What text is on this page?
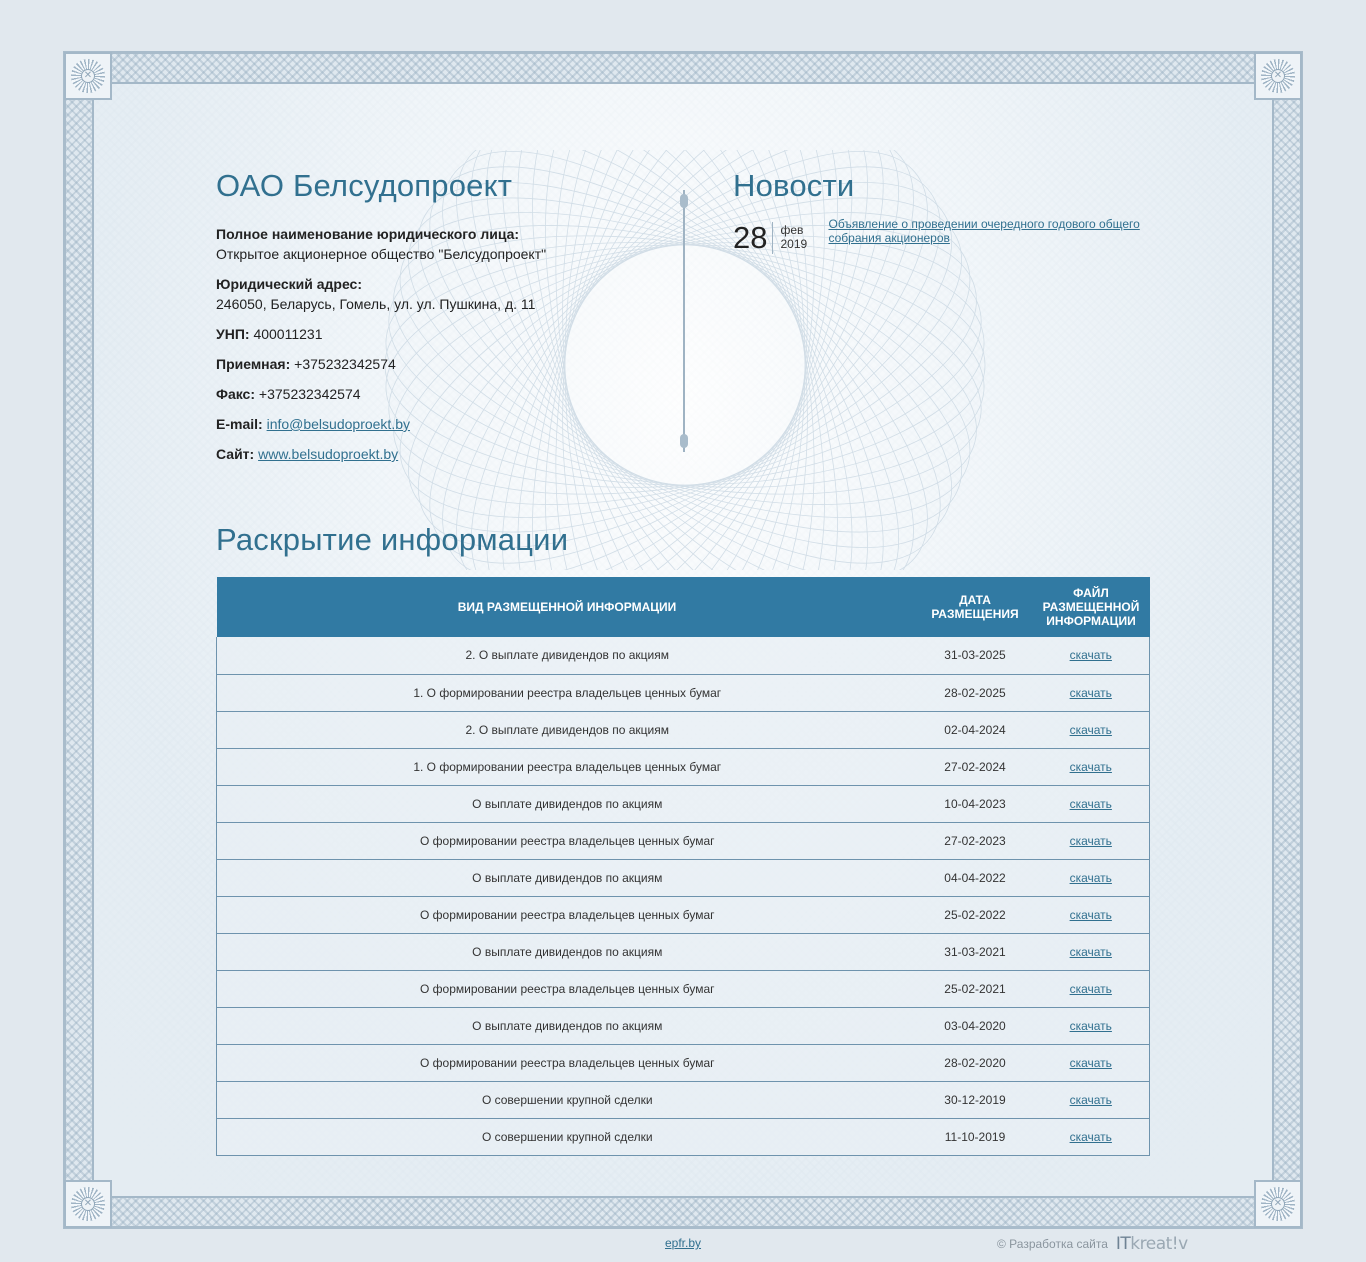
✕	✕
✕	✕
ОАО Белсудопроект
Полное наименование юридического лица:
Открытое акционерное общество "Белсудопроект"
Юридический адрес:
246050, Беларусь, Гомель, ул. ул. Пушкина, д. 11
УНП: 400011231
Приемная: +375232342574
Факс: +375232342574
E-mail: info@belsudoproekt.by
Сайт: www.belsudoproekt.by
Новости
28	фев
2019
Объявление о проведении очередного годового общего собрания акционеров
Раскрытие информации
ВИД РАЗМЕЩЕННОЙ ИНФОРМАЦИИ	ДАТА РАЗМЕЩЕНИЯ	ФАЙЛ РАЗМЕЩЕННОЙ ИНФОРМАЦИИ
2. О выплате дивидендов по акциям	31-03-2025	скачать
1. О формировании реестра владельцев ценных бумаг	28-02-2025	скачать
2. О выплате дивидендов по акциям	02-04-2024	скачать
1. О формировании реестра владельцев ценных бумаг	27-02-2024	скачать
О выплате дивидендов по акциям	10-04-2023	скачать
О формировании реестра владельцев ценных бумаг	27-02-2023	скачать
О выплате дивидендов по акциям	04-04-2022	скачать
О формировании реестра владельцев ценных бумаг	25-02-2022	скачать
О выплате дивидендов по акциям	31-03-2021	скачать
О формировании реестра владельцев ценных бумаг	25-02-2021	скачать
О выплате дивидендов по акциям	03-04-2020	скачать
О формировании реестра владельцев ценных бумаг	28-02-2020	скачать
О совершении крупной сделки	30-12-2019	скачать
О совершении крупной сделки	11-10-2019	скачать
epfr.by	© Разработка сайта ITkreat!v
